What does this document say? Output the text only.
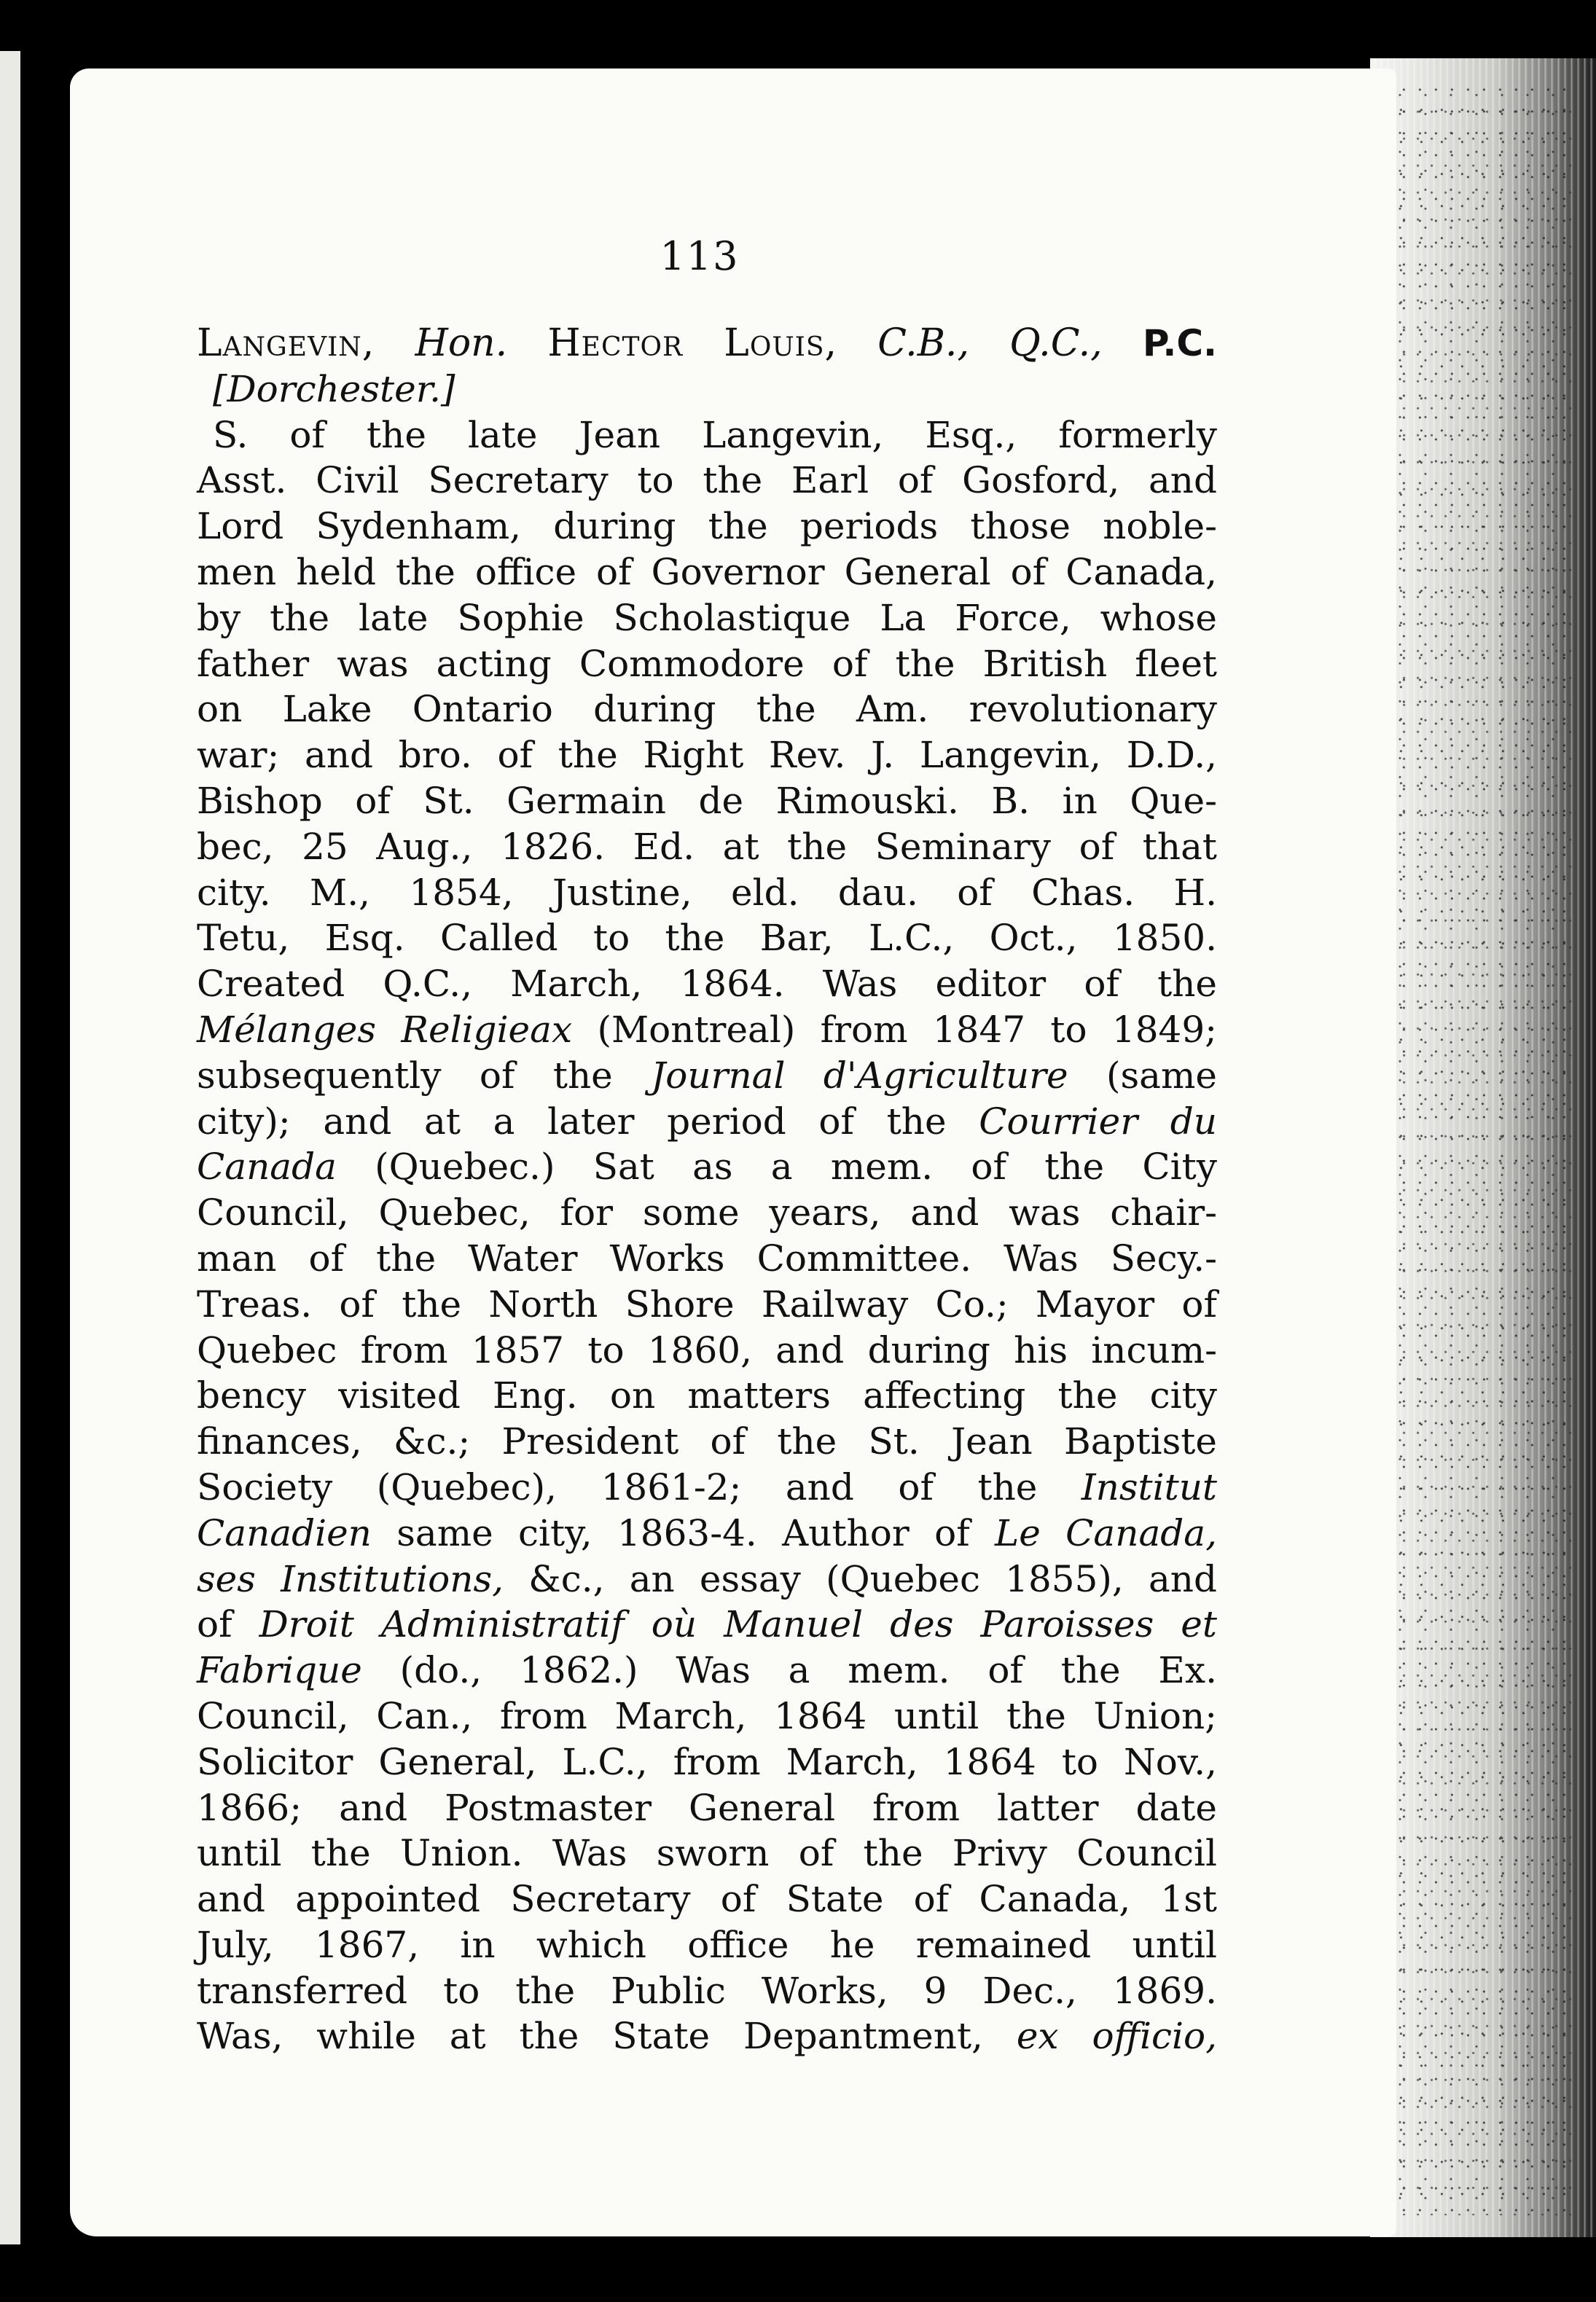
113
Langevin, Hon. Hector Louis, C.B., Q.C., P.C.
[Dorchester.]
S. of the late Jean Langevin, Esq., formerly
Asst. Civil Secretary to the Earl of Gosford, and
Lord Sydenham, during the periods those noble-
men held the office of Governor General of Canada,
by the late Sophie Scholastique La Force, whose
father was acting Commodore of the British fleet
on Lake Ontario during the Am. revolutionary
war; and bro. of the Right Rev. J. Langevin, D.D.,
Bishop of St. Germain de Rimouski. B. in Que-
bec, 25 Aug., 1826. Ed. at the Seminary of that
city. M., 1854, Justine, eld. dau. of Chas. H.
Tetu, Esq. Called to the Bar, L.C., Oct., 1850.
Created Q.C., March, 1864. Was editor of the
Mélanges Religieax (Montreal) from 1847 to 1849;
subsequently of the Journal d'Agriculture (same
city); and at a later period of the Courrier du
Canada (Quebec.) Sat as a mem. of the City
Council, Quebec, for some years, and was chair-
man of the Water Works Committee. Was Secy.-
Treas. of the North Shore Railway Co.; Mayor of
Quebec from 1857 to 1860, and during his incum-
bency visited Eng. on matters affecting the city
finances, &c.; President of the St. Jean Baptiste
Society (Quebec), 1861-2; and of the Institut
Canadien same city, 1863-4. Author of Le Canada,
ses Institutions, &c., an essay (Quebec 1855), and
of Droit Administratif où Manuel des Paroisses et
Fabrique (do., 1862.) Was a mem. of the Ex.
Council, Can., from March, 1864 until the Union;
Solicitor General, L.C., from March, 1864 to Nov.,
1866; and Postmaster General from latter date
until the Union. Was sworn of the Privy Council
and appointed Secretary of State of Canada, 1st
July, 1867, in which office he remained until
transferred to the Public Works, 9 Dec., 1869.
Was, while at the State Depantment, ex officio,
